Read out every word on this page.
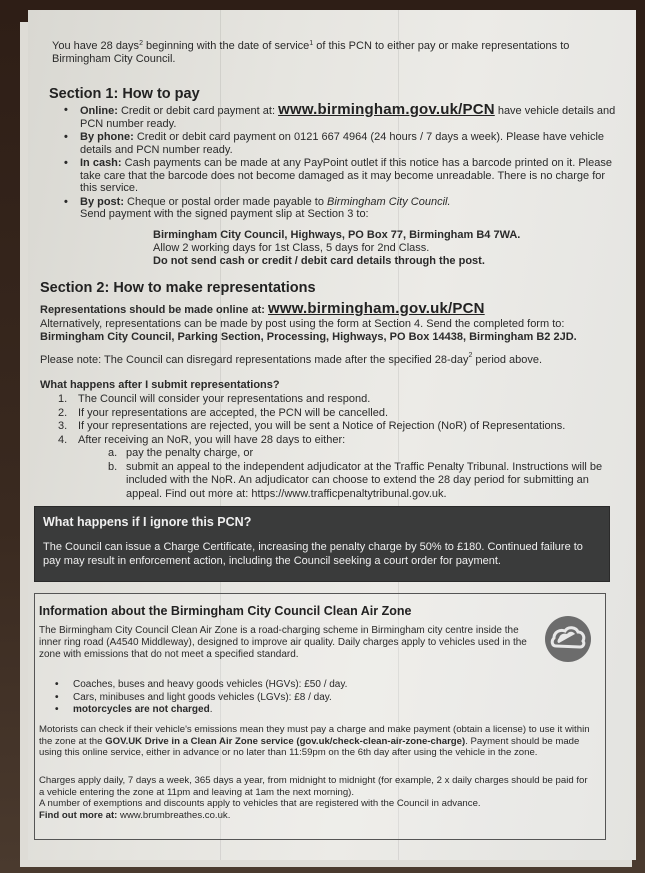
You have 28 days$^2$ beginning with the date of service$^1$ of this PCN to either pay or make representations to Birmingham City Council.
Section 1: How to pay
• Online: Credit or debit card payment at: www.birmingham.gov.uk/PCN have vehicle details and PCN number ready.
• By phone: Credit or debit card payment on 0121 667 4964 (24 hours / 7 days a week). Please have vehicle details and PCN number ready.
• In cash: Cash payments can be made at any PayPoint outlet if this notice has a barcode printed on it. Please take care that the barcode does not become damaged as it may become unreadable. There is no charge for this service.
• By post: Cheque or postal order made payable to Birmingham City Council.
Send payment with the signed payment slip at Section 3 to:
Birmingham City Council, Highways, PO Box 77, Birmingham B4 7WA.
Allow 2 working days for 1st Class, 5 days for 2nd Class.
Do not send cash or credit / debit card details through the post.
Section 2: How to make representations
Representations should be made online at: www.birmingham.gov.uk/PCN
Alternatively, representations can be made by post using the form at Section 4. Send the completed form to:
Birmingham City Council, Parking Section, Processing, Highways, PO Box 14438, Birmingham B2 2JD.
Please note: The Council can disregard representations made after the specified 28-day$^2$ period above.
What happens after I submit representations?
1. The Council will consider your representations and respond.
2. If your representations are accepted, the PCN will be cancelled.
3. If your representations are rejected, you will be sent a Notice of Rejection (NoR) of Representations.
4. After receiving an NoR, you will have 28 days to either:
a. pay the penalty charge, or
b. submit an appeal to the independent adjudicator at the Traffic Penalty Tribunal. Instructions will be included with the NoR. An adjudicator can choose to extend the 28 day period for submitting an appeal. Find out more at: https://www.trafficpenaltytribunal.gov.uk.
What happens if I ignore this PCN?
The Council can issue a Charge Certificate, increasing the penalty charge by 50% to £180. Continued failure to pay may result in enforcement action, including the Council seeking a court order for payment.
Information about the Birmingham City Council Clean Air Zone
The Birmingham City Council Clean Air Zone is a road-charging scheme in Birmingham city centre inside the inner ring road (A4540 Middleway), designed to improve air quality. Daily charges apply to vehicles used in the zone with emissions that do not meet a specified standard.
• Coaches, buses and heavy goods vehicles (HGVs): £50 / day.
• Cars, minibuses and light goods vehicles (LGVs): £8 / day.
• motorcycles are not charged.
Motorists can check if their vehicle's emissions mean they must pay a charge and make payment (obtain a license) to use it within the zone at the GOV.UK Drive in a Clean Air Zone service (gov.uk/check-clean-air-zone-charge). Payment should be made using this online service, either in advance or no later than 11:59pm on the 6th day after using the vehicle in the zone.
Charges apply daily, 7 days a week, 365 days a year, from midnight to midnight (for example, 2 x daily charges should be paid for a vehicle entering the zone at 11pm and leaving at 1am the next morning).
A number of exemptions and discounts apply to vehicles that are registered with the Council in advance.
Find out more at: www.brumbreathes.co.uk.
